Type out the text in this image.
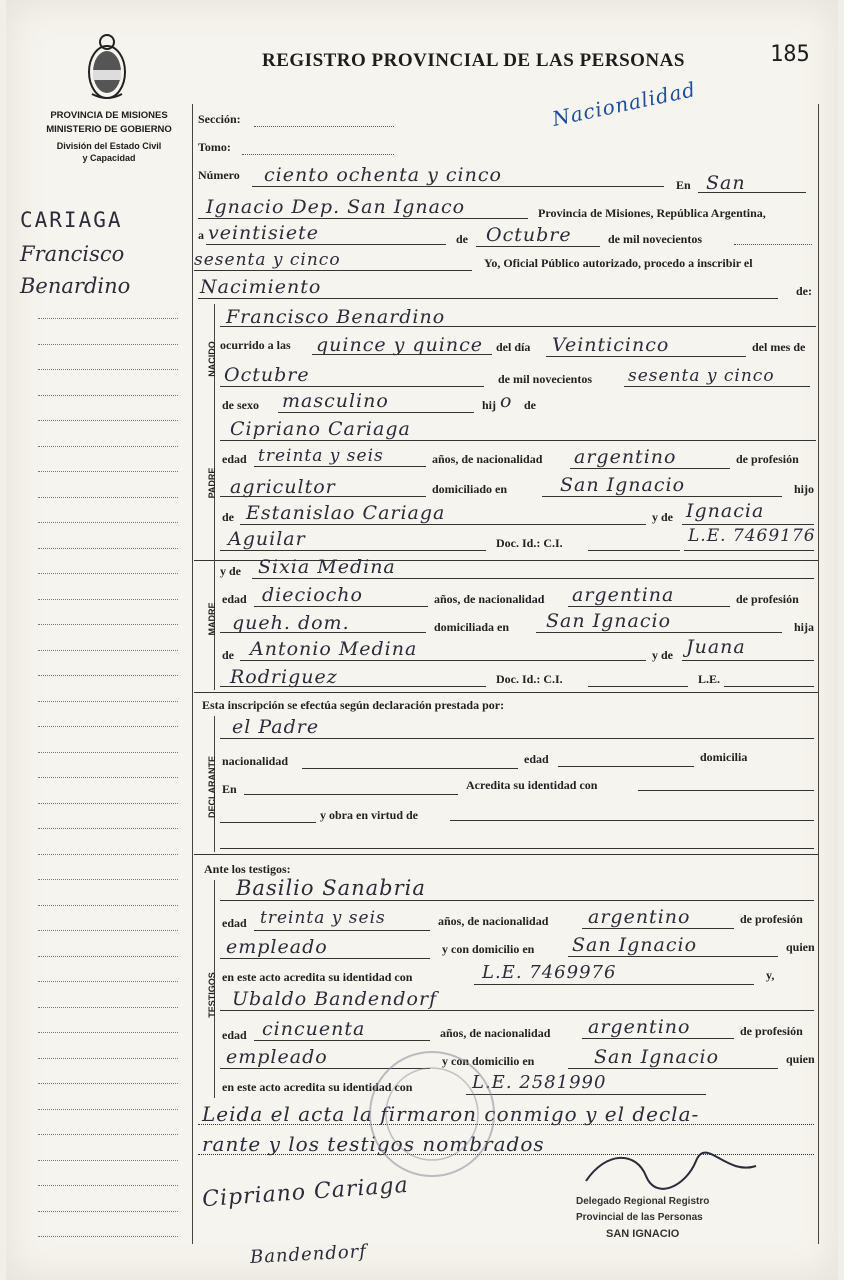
PROVINCIA DE MISIONES
MINISTERIO DE GOBIERNO
División del Estado Civil
y Capacidad
REGISTRO PROVINCIAL DE LAS PERSONAS	185
Nacionalidad
CARIAGA
Francisco
Benardino
Sección:
Tomo:
Número ciento ochenta y cinco	En San
Ignacio Dep. San Ignaco	Provincia de Misiones, República Argentina,
a veintisiete	de Octubre	de mil novecientos
sesenta y cinco	Yo, Oficial Público autorizado, procedo a inscribir el
Nacimiento	de:
NACIDO
Francisco Benardino
ocurrido a las quince y quince del día Veinticinco	del mes de
Octubre	de mil novecientos sesenta y cinco
de sexo masculino	hij o de
PADRE
Cipriano Cariaga
edad treinta y seis	años, de nacionalidad argentino	de profesión
agricultor	domiciliado en	San Ignacio	hijo
de Estanislao Cariaga	y de Ignacia
Aguilar	Doc. Id.: C.I.	L.E. 7469176
y de Sixia Medina
MADRE
edad dieciocho	años, de nacionalidad argentina	de profesión
queh. dom.	domiciliada en San Ignacio	hija
de Antonio Medina	y de Juana
Rodriguez	Doc. Id.: C.I.	L.E.
Esta inscripción se efectúa según declaración prestada por:
el Padre
DECLARANTE nacionalidad	edad	domicilia
En	Acredita su identidad con
y obra en virtud de
Ante los testigos:
TESTIGOS
Basilio Sanabria
edad treinta y seis	años, de nacionalidad argentino	de profesión
empleado	y con domicilio en San Ignacio	quien
en este acto acredita su identidad con	L.E. 7469976	y,
Ubaldo Bandendorf
edad cincuenta	años, de nacionalidad argentino	de profesión
empleado	y con domicilio en	San Ignacio	quien
en este acto acredita su identidad con	L.E. 2581990
Leida el acta la firmaron conmigo y el decla-
rante y los testigos nombrados
Cipriano Cariaga
Bandendorf
Delegado Regional Registro
Provincial de las Personas
SAN IGNACIO
